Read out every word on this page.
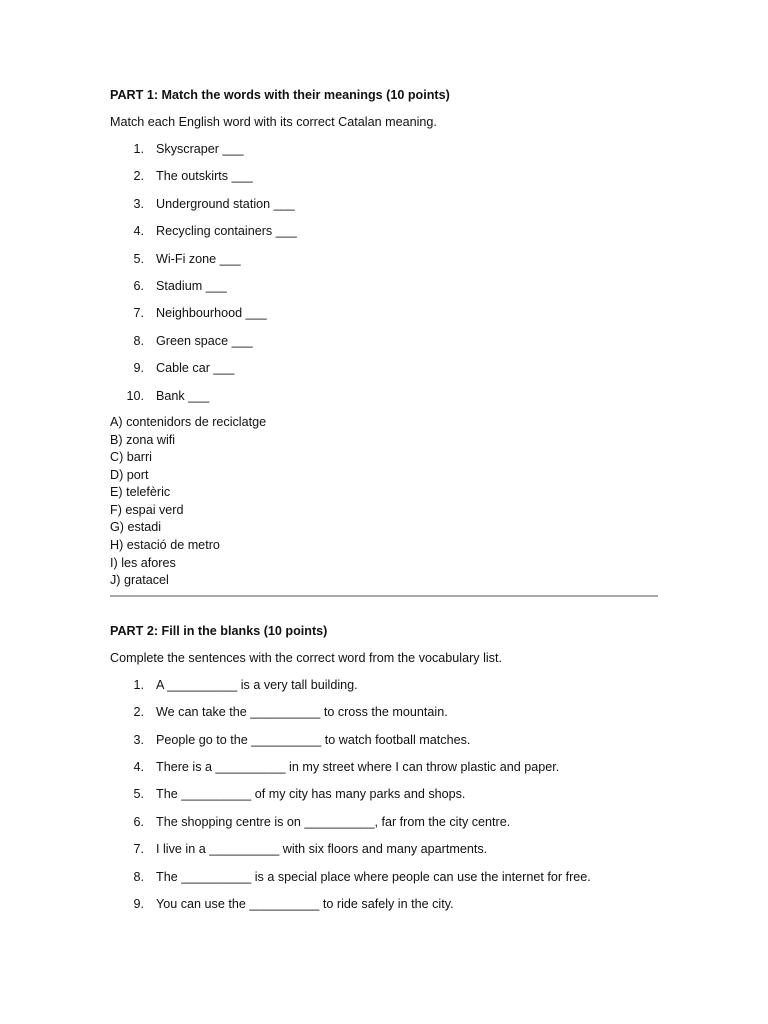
PART 1: Match the words with their meanings (10 points)

Match each English word with its correct Catalan meaning.

1. Skyscraper ___
2. The outskirts ___
3. Underground station ___
4. Recycling containers ___
5. Wi-Fi zone ___
6. Stadium ___
7. Neighbourhood ___
8. Green space ___
9. Cable car ___
10. Bank ___
A) contenidors de reciclatge
B) zona wifi
C) barri
D) port
E) telefèric
F) espai verd
G) estadi
H) estació de metro
I) les afores
J) gratacel

PART 2: Fill in the blanks (10 points)

Complete the sentences with the correct word from the vocabulary list.

1. A __________ is a very tall building.
2. We can take the __________ to cross the mountain.
3. People go to the __________ to watch football matches.
4. There is a __________ in my street where I can throw plastic and paper.
5. The __________ of my city has many parks and shops.
6. The shopping centre is on __________, far from the city centre.
7. I live in a __________ with six floors and many apartments.
8. The __________ is a special place where people can use the internet for free.
9. You can use the __________ to ride safely in the city.
